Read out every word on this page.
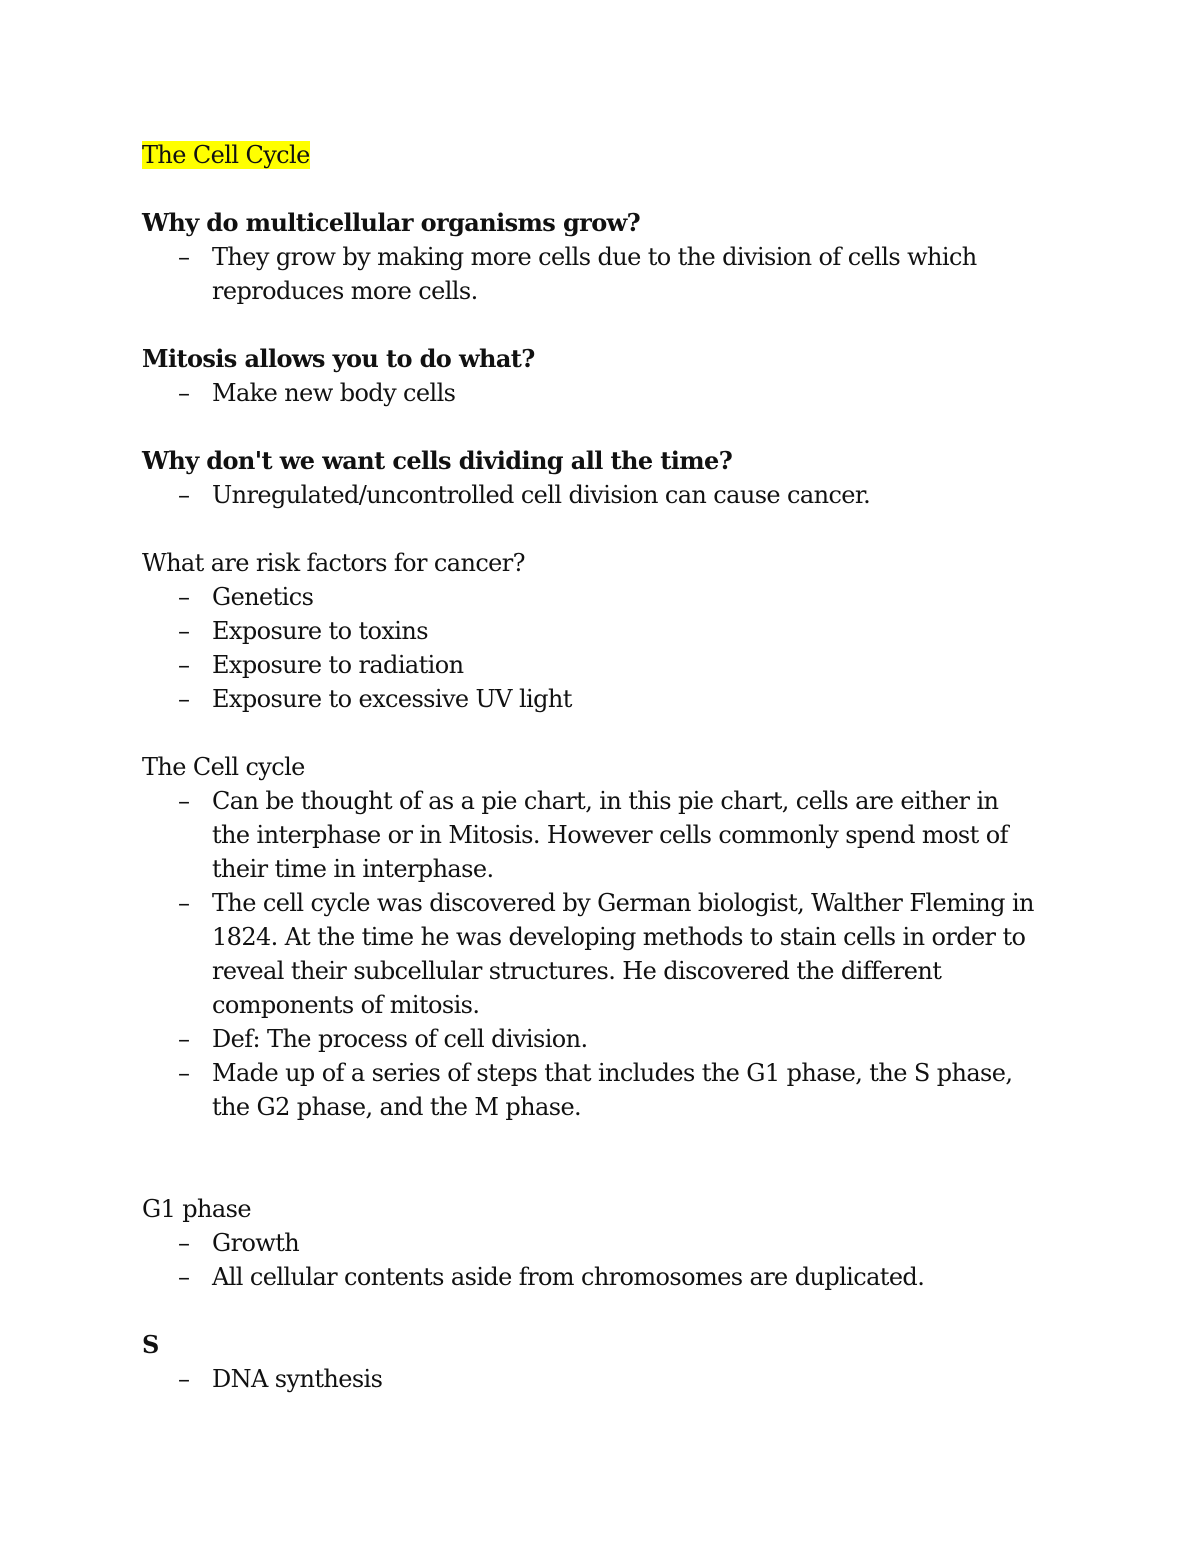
The Cell Cycle
Why do multicellular organisms grow?
– They grow by making more cells due to the division of cells which reproduces more cells.
Mitosis allows you to do what?
– Make new body cells
Why don't we want cells dividing all the time?
– Unregulated/uncontrolled cell division can cause cancer.
What are risk factors for cancer?
– Genetics
– Exposure to toxins
– Exposure to radiation
– Exposure to excessive UV light
The Cell cycle
– Can be thought of as a pie chart, in this pie chart, cells are either in the interphase or in Mitosis. However cells commonly spend most of their time in interphase.
– The cell cycle was discovered by German biologist, Walther Fleming in 1824. At the time he was developing methods to stain cells in order to reveal their subcellular structures. He discovered the different components of mitosis.
– Def: The process of cell division.
– Made up of a series of steps that includes the G1 phase, the S phase, the G2 phase, and the M phase.
G1 phase
– Growth
– All cellular contents aside from chromosomes are duplicated.
S
– DNA synthesis
